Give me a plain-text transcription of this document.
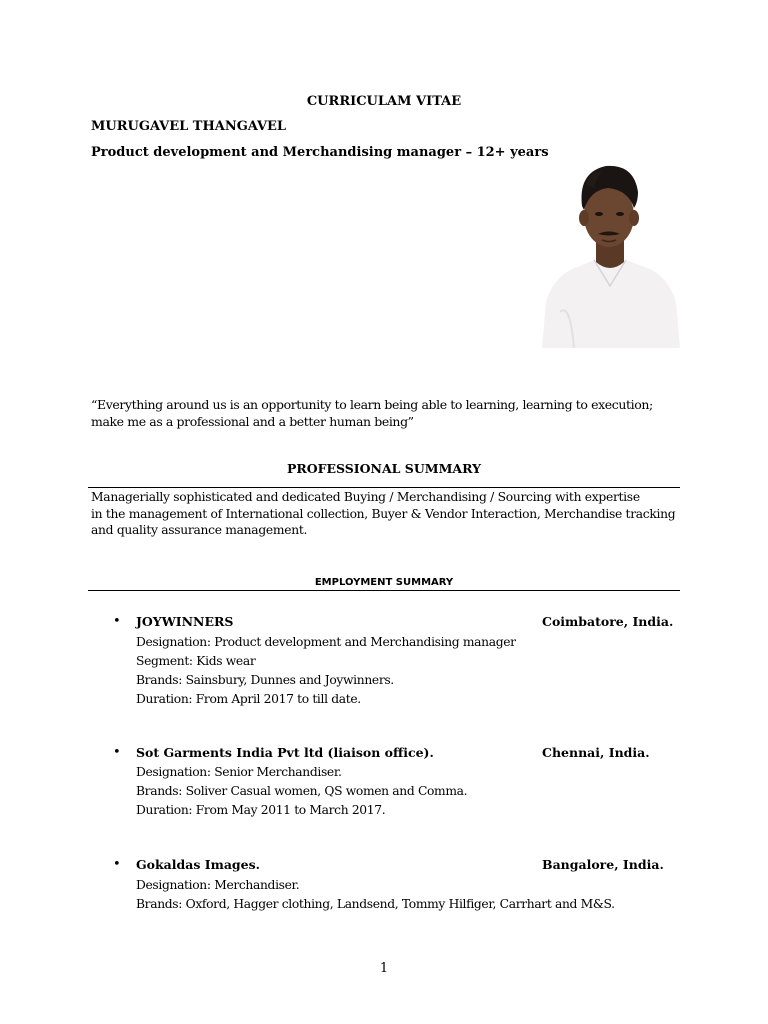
CURRICULAM VITAE
MURUGAVEL THANGAVEL
Product development and Merchandising manager – 12+ years
“Everything around us is an opportunity to learn being able to learning, learning to execution;
make me as a professional and a better human being”
PROFESSIONAL SUMMARY
Managerially sophisticated and dedicated Buying / Merchandising / Sourcing with expertise
in the management of International collection, Buyer & Vendor Interaction, Merchandise tracking
and quality assurance management.
EMPLOYMENT SUMMARY
• JOYWINNERS	Coimbatore, India.
Designation: Product development and Merchandising manager
Segment: Kids wear
Brands: Sainsbury, Dunnes and Joywinners.
Duration: From April 2017 to till date.
• Sot Garments India Pvt ltd (liaison office).	Chennai, India.
Designation: Senior Merchandiser.
Brands: Soliver Casual women, QS women and Comma.
Duration: From May 2011 to March 2017.
• Gokaldas Images.	Bangalore, India.
Designation: Merchandiser.
Brands: Oxford, Hagger clothing, Landsend, Tommy Hilfiger, Carrhart and M&S.
1
